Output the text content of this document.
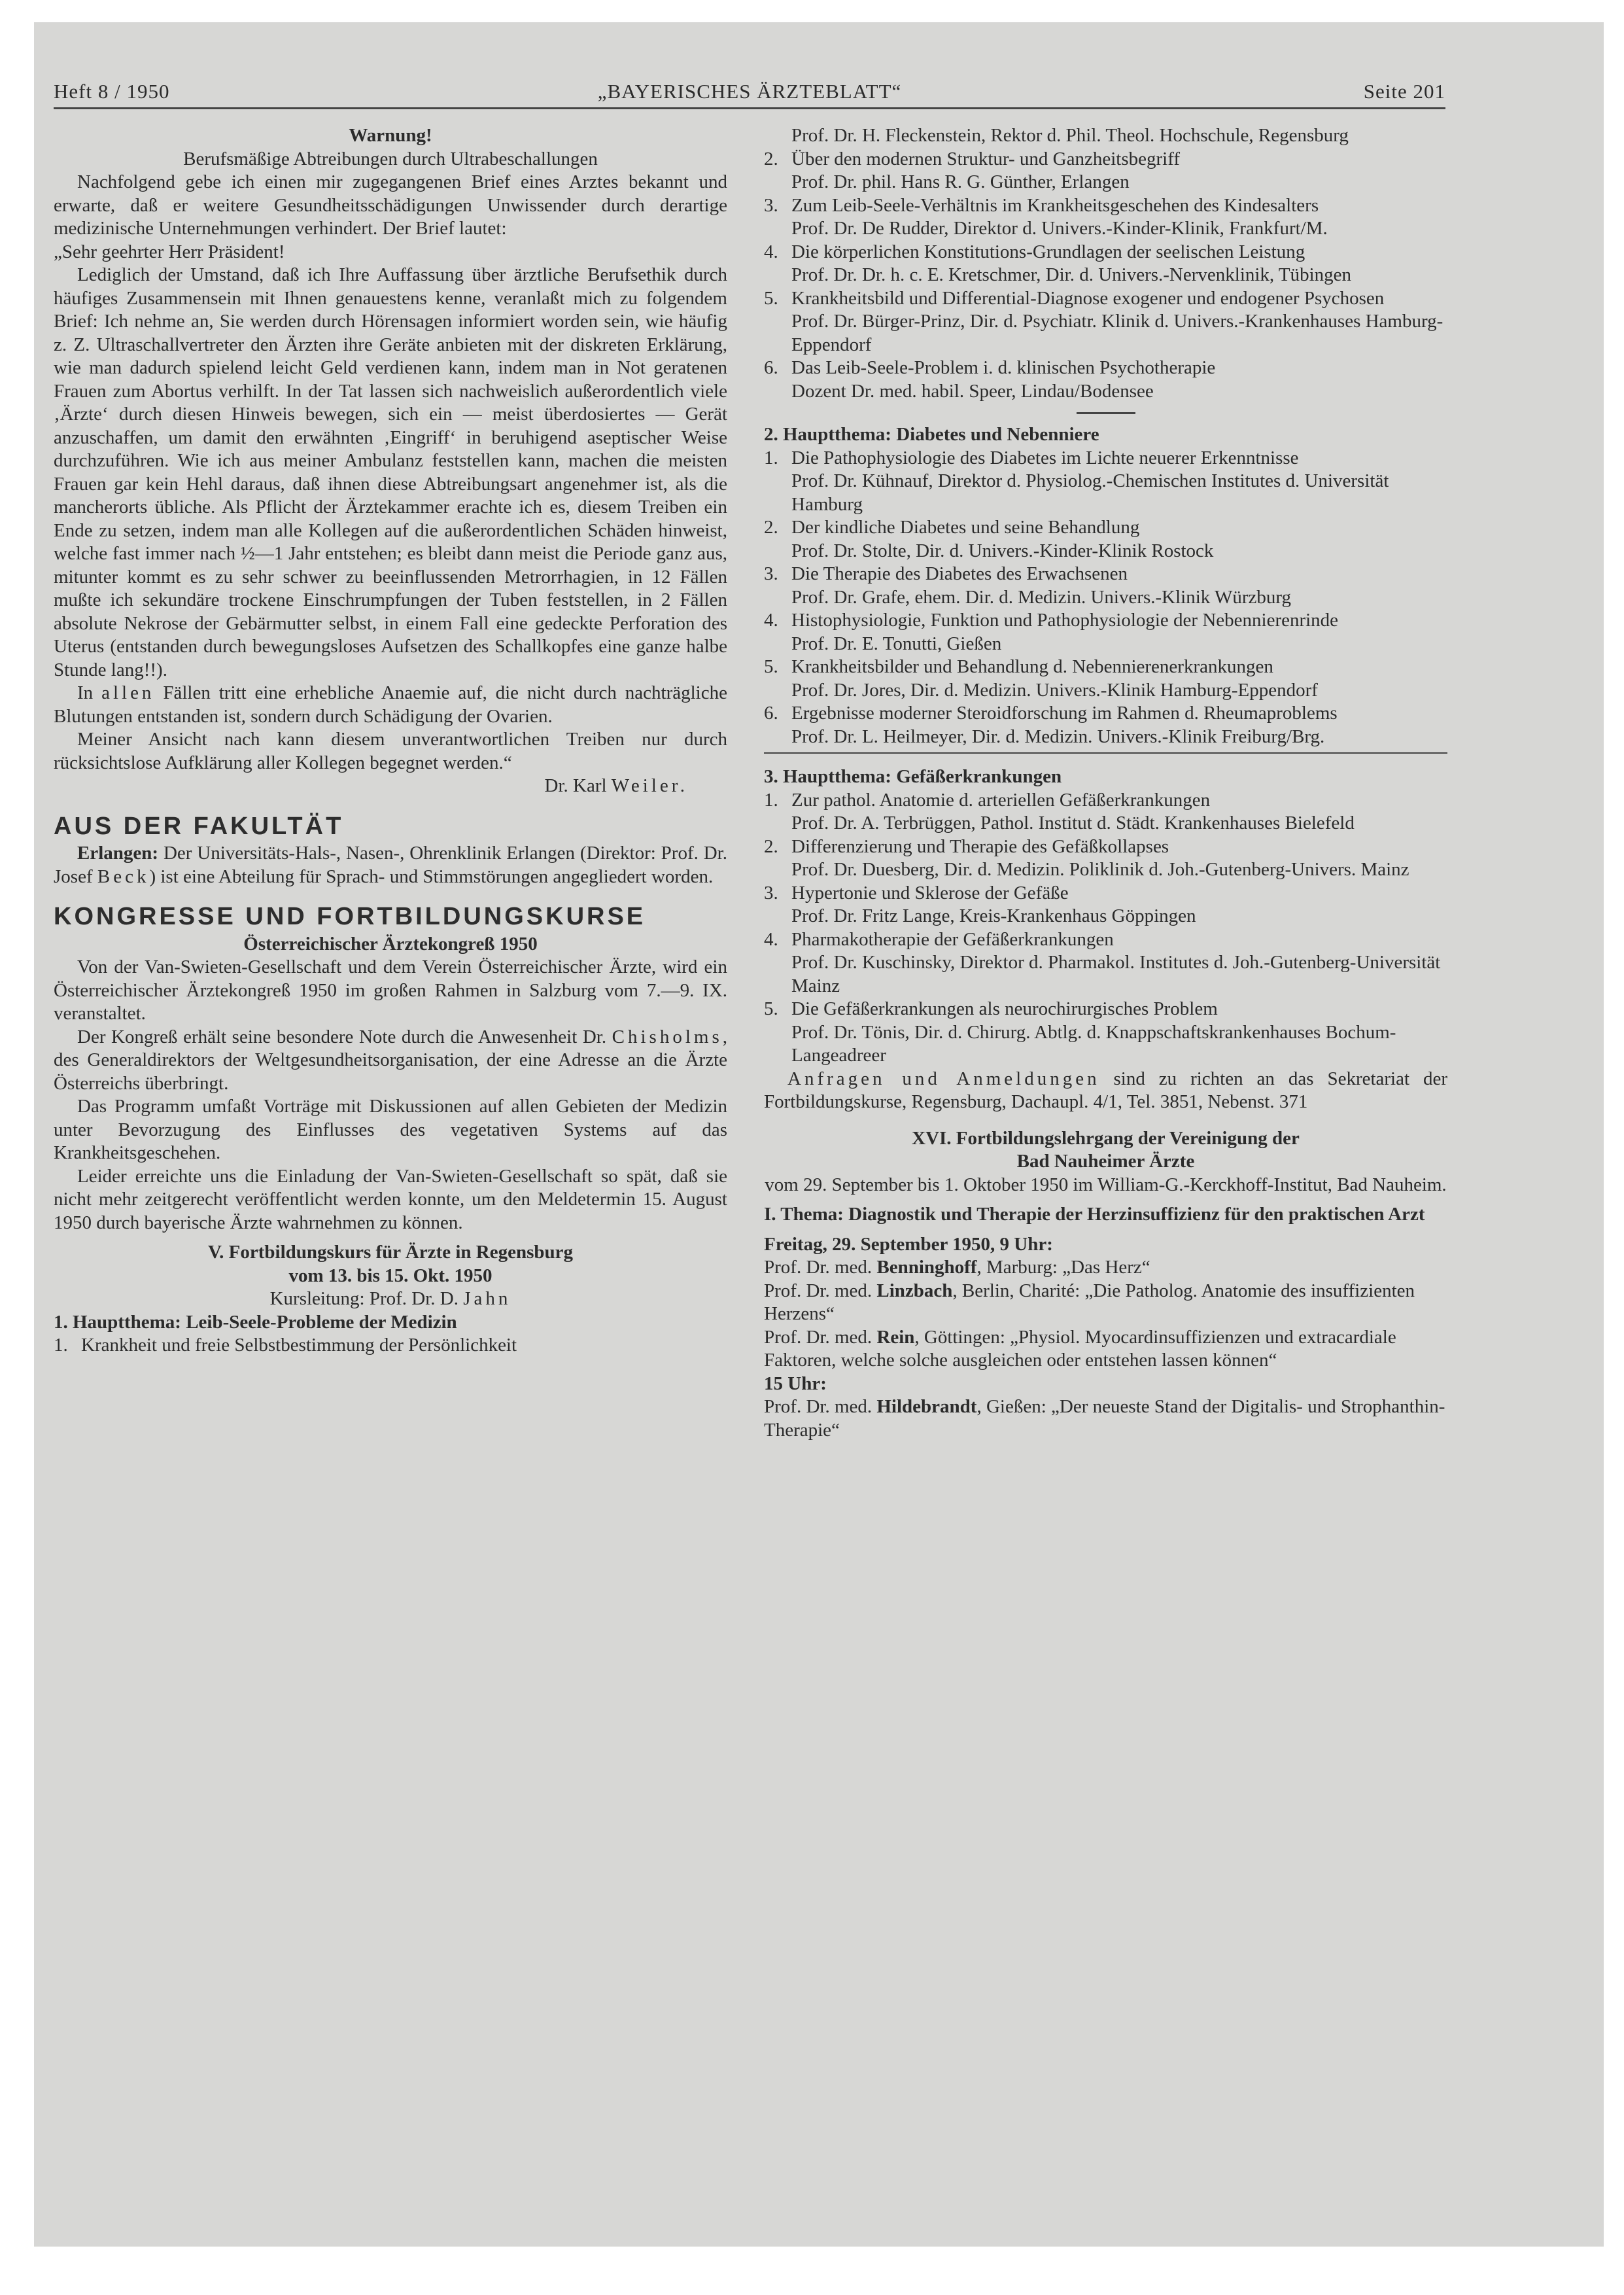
Heft 8 / 1950	„BAYERISCHES ÄRZTEBLATT“	Seite 201

Warnung!

Berufsmäßige Abtreibungen durch Ultrabeschallungen

Nachfolgend gebe ich einen mir zugegangenen Brief eines Arztes bekannt und erwarte, daß er weitere Gesundheitsschädigungen Unwissender durch derartige medizinische Unternehmungen verhindert. Der Brief lautet:

„Sehr geehrter Herr Präsident!

Lediglich der Umstand, daß ich Ihre Auffassung über ärztliche Berufsethik durch häufiges Zusammensein mit Ihnen genauestens kenne, veranlaßt mich zu folgendem Brief: Ich nehme an, Sie werden durch Hörensagen informiert worden sein, wie häufig z. Z. Ultraschallvertreter den Ärzten ihre Geräte anbieten mit der diskreten Erklärung, wie man dadurch spielend leicht Geld verdienen kann, indem man in Not geratenen Frauen zum Abortus verhilft. In der Tat lassen sich nachweislich außerordentlich viele ‚Ärzte‘ durch diesen Hinweis bewegen, sich ein — meist überdosiertes — Gerät anzuschaffen, um damit den erwähnten ‚Eingriff‘ in beruhigend aseptischer Weise durchzuführen. Wie ich aus meiner Ambulanz feststellen kann, machen die meisten Frauen gar kein Hehl daraus, daß ihnen diese Abtreibungsart angenehmer ist, als die mancherorts übliche. Als Pflicht der Ärztekammer erachte ich es, diesem Treiben ein Ende zu setzen, indem man alle Kollegen auf die außerordentlichen Schäden hinweist, welche fast immer nach ½—1 Jahr entstehen; es bleibt dann meist die Periode ganz aus, mitunter kommt es zu sehr schwer zu beeinflussenden Metrorrhagien, in 12 Fällen mußte ich sekundäre trockene Einschrumpfungen der Tuben feststellen, in 2 Fällen absolute Nekrose der Gebärmutter selbst, in einem Fall eine gedeckte Perforation des Uterus (entstanden durch bewegungsloses Aufsetzen des Schallkopfes eine ganze halbe Stunde lang!!).

In allen Fällen tritt eine erhebliche Anaemie auf, die nicht durch nachträgliche Blutungen entstanden ist, sondern durch Schädigung der Ovarien.

Meiner Ansicht nach kann diesem unverantwortlichen Treiben nur durch rücksichtslose Aufklärung aller Kollegen begegnet werden.“

Dr. Karl Weiler.

AUS DER FAKULTÄT

Erlangen: Der Universitäts-Hals-, Nasen-, Ohrenklinik Erlangen (Direktor: Prof. Dr. Josef Beck) ist eine Abteilung für Sprach- und Stimmstörungen angegliedert worden.

KONGRESSE UND FORTBILDUNGSKURSE

Österreichischer Ärztekongreß 1950

Von der Van-Swieten-Gesellschaft und dem Verein Österreichischer Ärzte, wird ein Österreichischer Ärztekongreß 1950 im großen Rahmen in Salzburg vom 7.—9. IX. veranstaltet.

Der Kongreß erhält seine besondere Note durch die Anwesenheit Dr. Chisholms, des Generaldirektors der Weltgesundheitsorganisation, der eine Adresse an die Ärzte Österreichs überbringt.

Das Programm umfaßt Vorträge mit Diskussionen auf allen Gebieten der Medizin unter Bevorzugung des Einflusses des vegetativen Systems auf das Krankheitsgeschehen.

Leider erreichte uns die Einladung der Van-Swieten-Gesellschaft so spät, daß sie nicht mehr zeitgerecht veröffentlicht werden konnte, um den Meldetermin 15. August 1950 durch bayerische Ärzte wahrnehmen zu können.

V. Fortbildungskurs für Ärzte in Regensburg

vom 13. bis 15. Okt. 1950

Kursleitung: Prof. Dr. D. Jahn

1. Hauptthema: Leib-Seele-Probleme der Medizin

1. Krankheit und freie Selbstbestimmung der Persönlichkeit
Prof. Dr. H. Fleckenstein, Rektor d. Phil. Theol. Hochschule, Regensburg
2. Über den modernen Struktur- und Ganzheitsbegriff
Prof. Dr. phil. Hans R. G. Günther, Erlangen
3. Zum Leib-Seele-Verhältnis im Krankheitsgeschehen des Kindesalters
Prof. Dr. De Rudder, Direktor d. Univers.-Kinder-Klinik, Frankfurt/M.
4. Die körperlichen Konstitutions-Grundlagen der seelischen Leistung
Prof. Dr. Dr. h. c. E. Kretschmer, Dir. d. Univers.-Nervenklinik, Tübingen
5. Krankheitsbild und Differential-Diagnose exogener und endogener Psychosen
Prof. Dr. Bürger-Prinz, Dir. d. Psychiatr. Klinik d. Univers.-Krankenhauses Hamburg-Eppendorf
6. Das Leib-Seele-Problem i. d. klinischen Psychotherapie
Dozent Dr. med. habil. Speer, Lindau/Bodensee

2. Hauptthema: Diabetes und Nebenniere

1. Die Pathophysiologie des Diabetes im Lichte neuerer Erkenntnisse
Prof. Dr. Kühnauf, Direktor d. Physiolog.-Chemischen Institutes d. Universität Hamburg
2. Der kindliche Diabetes und seine Behandlung
Prof. Dr. Stolte, Dir. d. Univers.-Kinder-Klinik Rostock
3. Die Therapie des Diabetes des Erwachsenen
Prof. Dr. Grafe, ehem. Dir. d. Medizin. Univers.-Klinik Würzburg
4. Histophysiologie, Funktion und Pathophysiologie der Nebennierenrinde
Prof. Dr. E. Tonutti, Gießen
5. Krankheitsbilder und Behandlung d. Nebennierenerkrankungen
Prof. Dr. Jores, Dir. d. Medizin. Univers.-Klinik Hamburg-Eppendorf
6. Ergebnisse moderner Steroidforschung im Rahmen d. Rheumaproblems
Prof. Dr. L. Heilmeyer, Dir. d. Medizin. Univers.-Klinik Freiburg/Brg.

3. Hauptthema: Gefäßerkrankungen

1. Zur pathol. Anatomie d. arteriellen Gefäßerkrankungen
Prof. Dr. A. Terbrüggen, Pathol. Institut d. Städt. Krankenhauses Bielefeld
2. Differenzierung und Therapie des Gefäßkollapses
Prof. Dr. Duesberg, Dir. d. Medizin. Poliklinik d. Joh.-Gutenberg-Univers. Mainz
3. Hypertonie und Sklerose der Gefäße
Prof. Dr. Fritz Lange, Kreis-Krankenhaus Göppingen
4. Pharmakotherapie der Gefäßerkrankungen
Prof. Dr. Kuschinsky, Direktor d. Pharmakol. Institutes d. Joh.-Gutenberg-Universität Mainz
5. Die Gefäßerkrankungen als neurochirurgisches Problem
Prof. Dr. Tönis, Dir. d. Chirurg. Abtlg. d. Knappschaftskrankenhauses Bochum-Langeadreer

Anfragen und Anmeldungen sind zu richten an das Sekretariat der Fortbildungskurse, Regensburg, Dachaupl. 4/1, Tel. 3851, Nebenst. 371

XVI. Fortbildungslehrgang der Vereinigung der

Bad Nauheimer Ärzte

vom 29. September bis 1. Oktober 1950 im William-G.-Kerckhoff-Institut, Bad Nauheim.

I. Thema: Diagnostik und Therapie der Herzinsuffizienz für den praktischen Arzt

Freitag, 29. September 1950, 9 Uhr:

Prof. Dr. med. Benninghoff, Marburg: „Das Herz“

Prof. Dr. med. Linzbach, Berlin, Charité: „Die Patholog. Anatomie des insuffizienten Herzens“

Prof. Dr. med. Rein, Göttingen: „Physiol. Myocardinsuffizienzen und extracardiale Faktoren, welche solche ausgleichen oder entstehen lassen können“

15 Uhr:

Prof. Dr. med. Hildebrandt, Gießen: „Der neueste Stand der Digitalis- und Strophanthin-Therapie“
